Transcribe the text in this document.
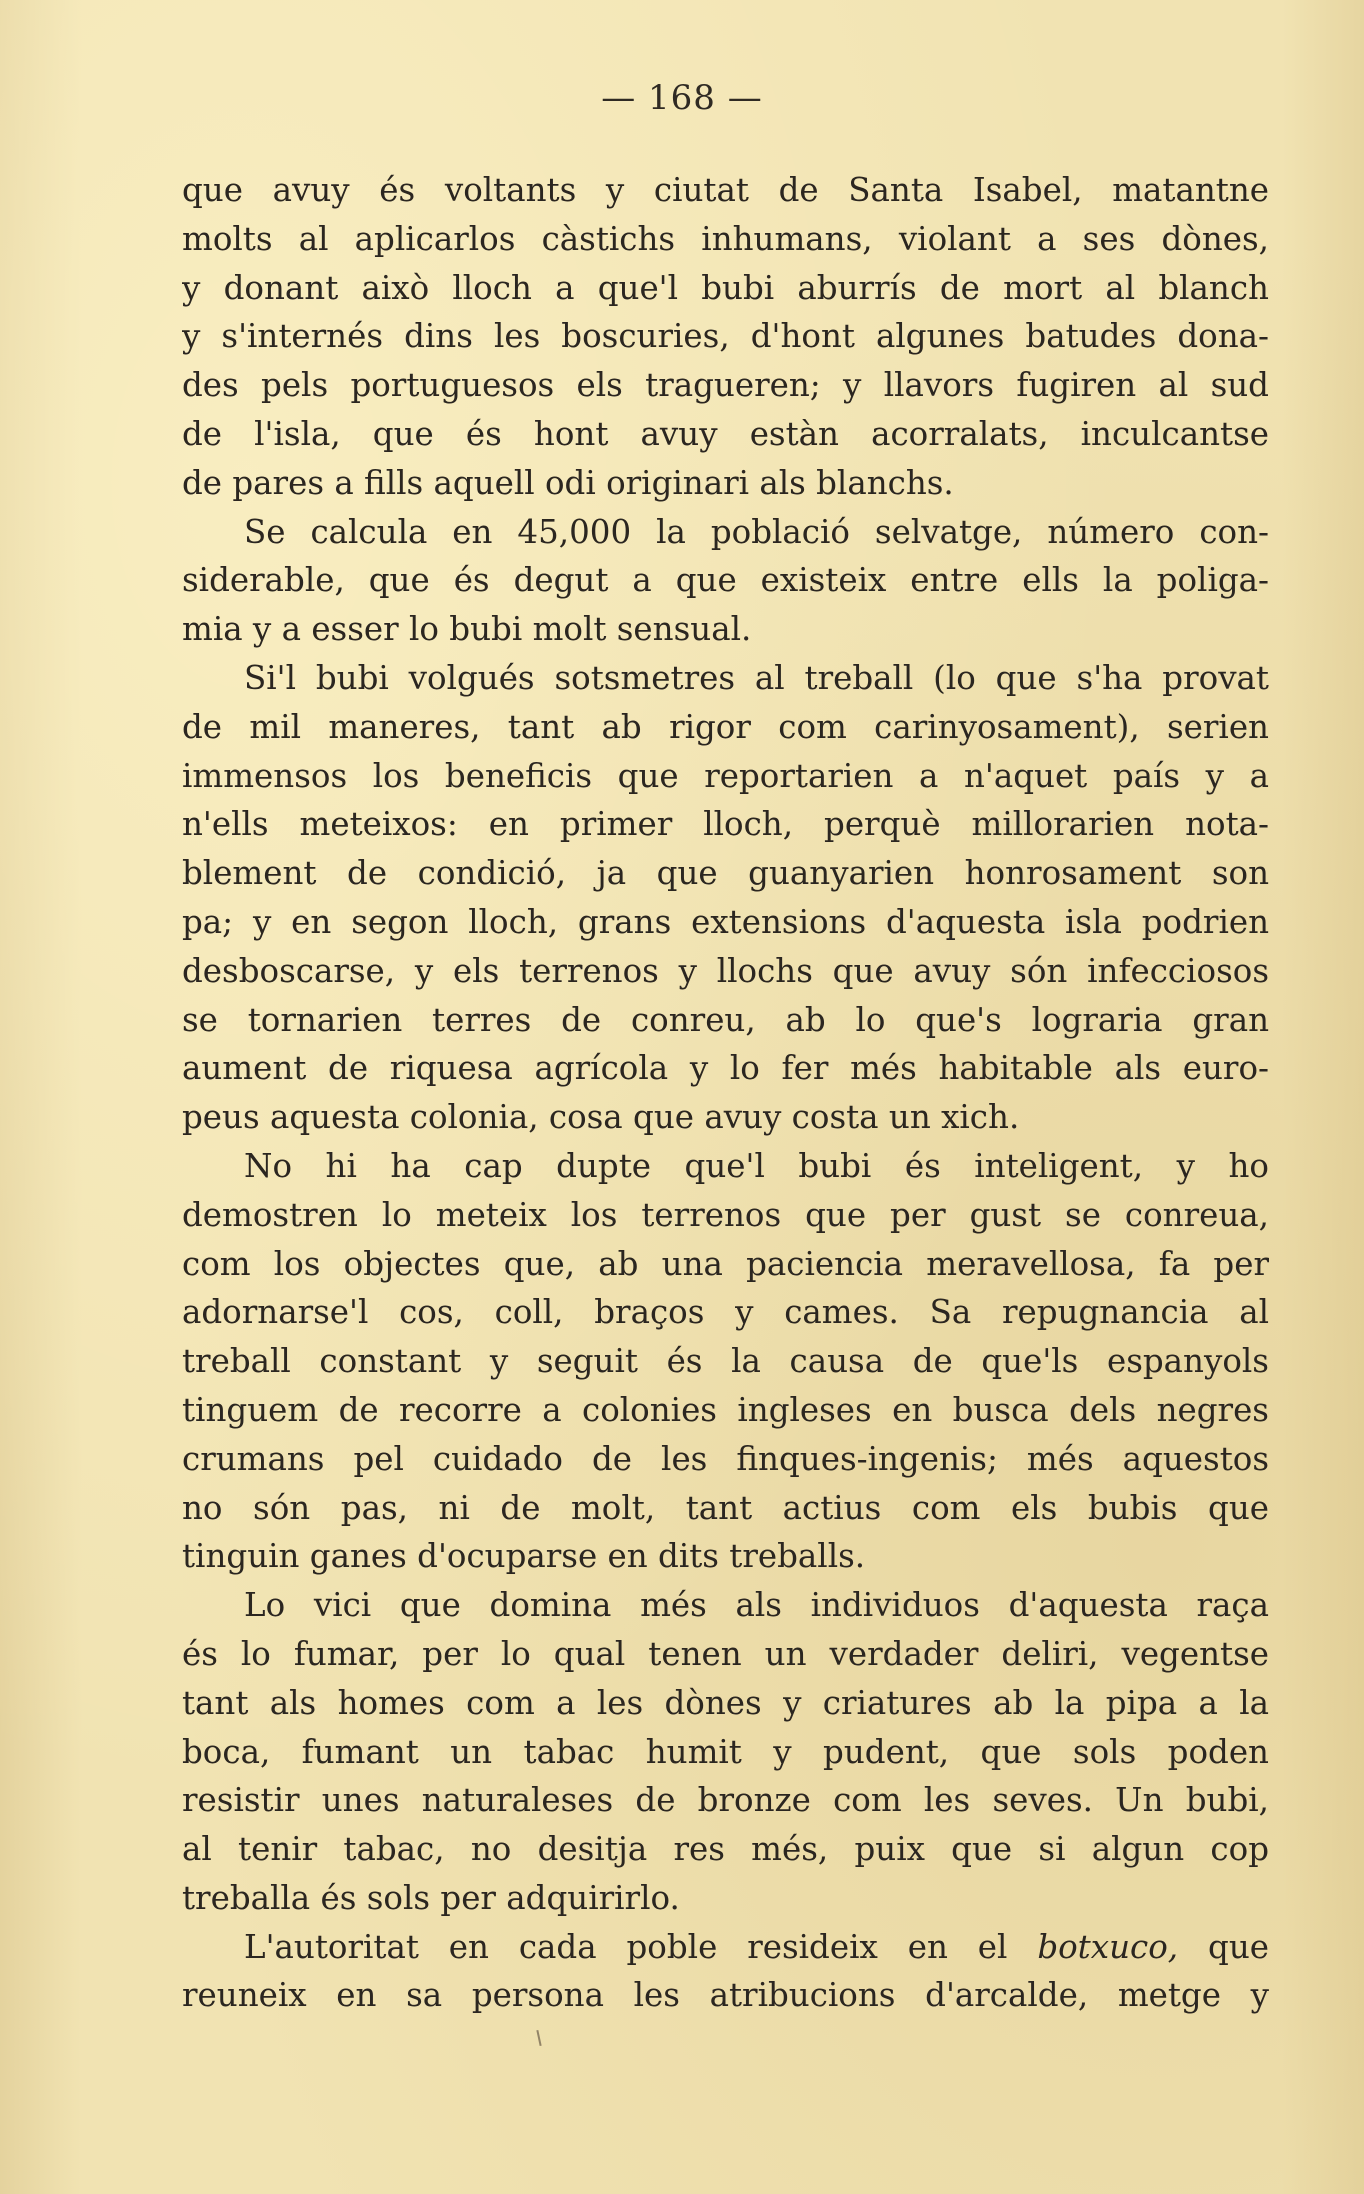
— 168 —
que avuy és voltants y ciutat de Santa Isabel, matantne
molts al aplicarlos càstichs inhumans, violant a ses dònes,
y donant això lloch a que'l bubi aburrís de mort al blanch
y s'internés dins les boscuries, d'hont algunes batudes dona-
des pels portuguesos els tragueren; y llavors fugiren al sud
de l'isla, que és hont avuy estàn acorralats, inculcantse
de pares a fills aquell odi originari als blanchs.
Se calcula en 45,000 la població selvatge, número con-
siderable, que és degut a que existeix entre ells la poliga-
mia y a esser lo bubi molt sensual.
Si'l bubi volgués sotsmetres al treball (lo que s'ha provat
de mil maneres, tant ab rigor com carinyosament), serien
immensos los beneficis que reportarien a n'aquet país y a
n'ells meteixos: en primer lloch, perquè millorarien nota-
blement de condició, ja que guanyarien honrosament son
pa; y en segon lloch, grans extensions d'aquesta isla podrien
desboscarse, y els terrenos y llochs que avuy són infecciosos
se tornarien terres de conreu, ab lo que's lograria gran
aument de riquesa agrícola y lo fer més habitable als euro-
peus aquesta colonia, cosa que avuy costa un xich.
No hi ha cap dupte que'l bubi és inteligent, y ho
demostren lo meteix los terrenos que per gust se conreua,
com los objectes que, ab una paciencia meravellosa, fa per
adornarse'l cos, coll, braços y cames. Sa repugnancia al
treball constant y seguit és la causa de que'ls espanyols
tinguem de recorre a colonies ingleses en busca dels negres
crumans pel cuidado de les finques-ingenis; més aquestos
no són pas, ni de molt, tant actius com els bubis que
tinguin ganes d'ocuparse en dits treballs.
Lo vici que domina més als individuos d'aquesta raça
és lo fumar, per lo qual tenen un verdader deliri, vegentse
tant als homes com a les dònes y criatures ab la pipa a la
boca, fumant un tabac humit y pudent, que sols poden
resistir unes naturaleses de bronze com les seves. Un bubi,
al tenir tabac, no desitja res més, puix que si algun cop
treballa és sols per adquirirlo.
L'autoritat en cada poble resideix en el botxuco, que
reuneix en sa persona les atribucions d'arcalde, metge y
